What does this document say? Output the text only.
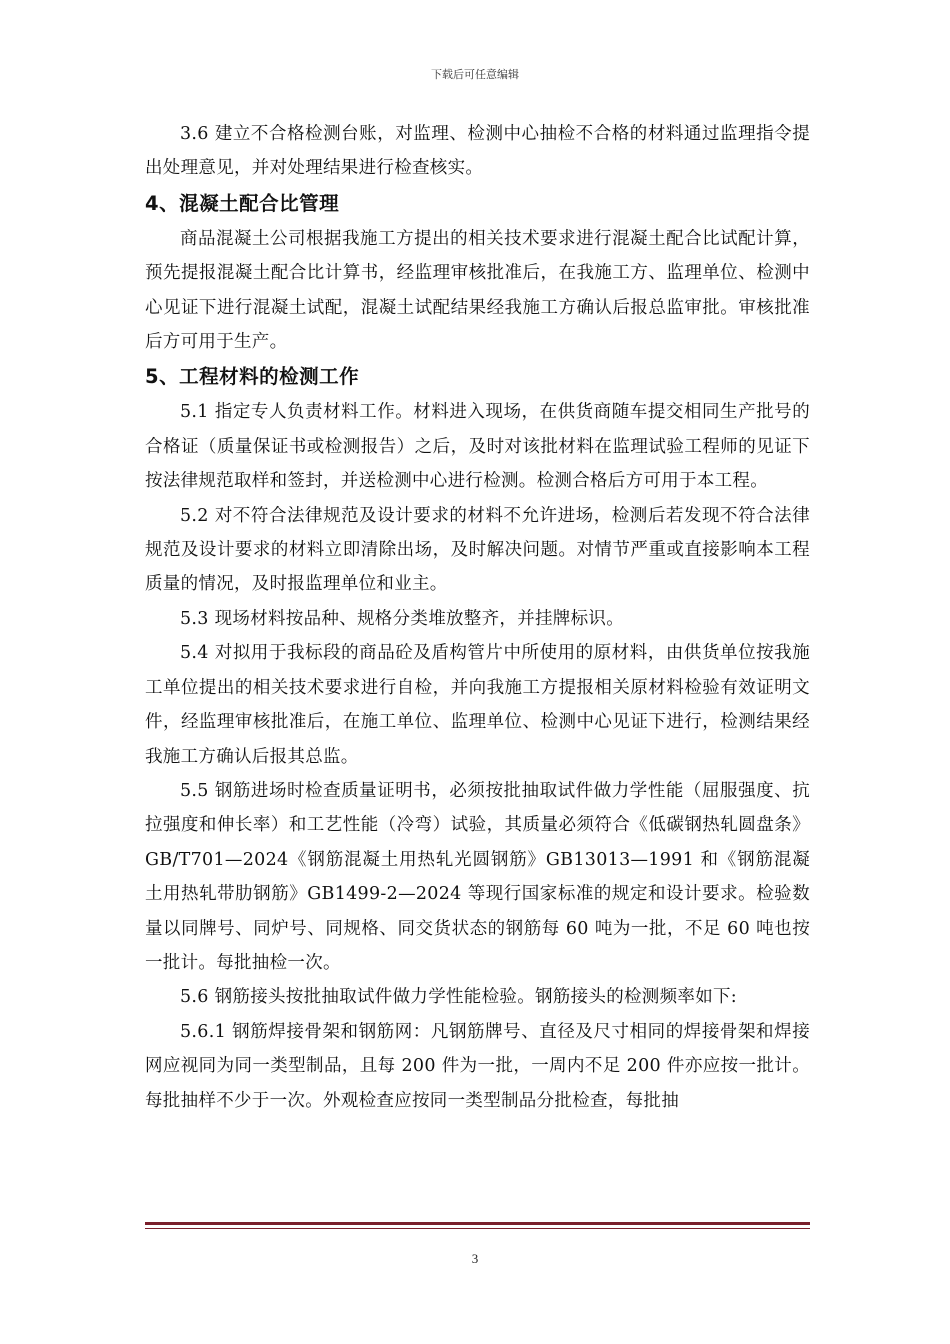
下载后可任意编辑

3.6 建立不合格检测台账，对监理、检测中心抽检不合格的材料通过监理指令提出处理意见，并对处理结果进行检查核实。

4、混凝土配合比管理

商品混凝土公司根据我施工方提出的相关技术要求进行混凝土配合比试配计算，预先提报混凝土配合比计算书，经监理审核批准后，在我施工方、监理单位、检测中心见证下进行混凝土试配，混凝土试配结果经我施工方确认后报总监审批。审核批准后方可用于生产。

5、工程材料的检测工作

5.1 指定专人负责材料工作。材料进入现场，在供货商随车提交相同生产批号的合格证（质量保证书或检测报告）之后，及时对该批材料在监理试验工程师的见证下按法律规范取样和签封，并送检测中心进行检测。检测合格后方可用于本工程。

5.2 对不符合法律规范及设计要求的材料不允许进场，检测后若发现不符合法律规范及设计要求的材料立即清除出场，及时解决问题。对情节严重或直接影响本工程质量的情况，及时报监理单位和业主。

5.3 现场材料按品种、规格分类堆放整齐，并挂牌标识。

5.4 对拟用于我标段的商品砼及盾构管片中所使用的原材料，由供货单位按我施工单位提出的相关技术要求进行自检，并向我施工方提报相关原材料检验有效证明文件，经监理审核批准后，在施工单位、监理单位、检测中心见证下进行，检测结果经我施工方确认后报其总监。

5.5 钢筋进场时检查质量证明书，必须按批抽取试件做力学性能（屈服强度、抗拉强度和伸长率）和工艺性能（冷弯）试验，其质量必须符合《低碳钢热轧圆盘条》GB/T701—2024《钢筋混凝土用热轧光圆钢筋》GB13013—1991 和《钢筋混凝土用热轧带肋钢筋》GB1499-2—2024 等现行国家标准的规定和设计要求。检验数量以同牌号、同炉号、同规格、同交货状态的钢筋每 60 吨为一批，不足 60 吨也按一批计。每批抽检一次。

5.6 钢筋接头按批抽取试件做力学性能检验。钢筋接头的检测频率如下:

5.6.1 钢筋焊接骨架和钢筋网：凡钢筋牌号、直径及尺寸相同的焊接骨架和焊接网应视同为同一类型制品，且每 200 件为一批，一周内不足 200 件亦应按一批计。每批抽样不少于一次。外观检查应按同一类型制品分批检查，每批抽

3
